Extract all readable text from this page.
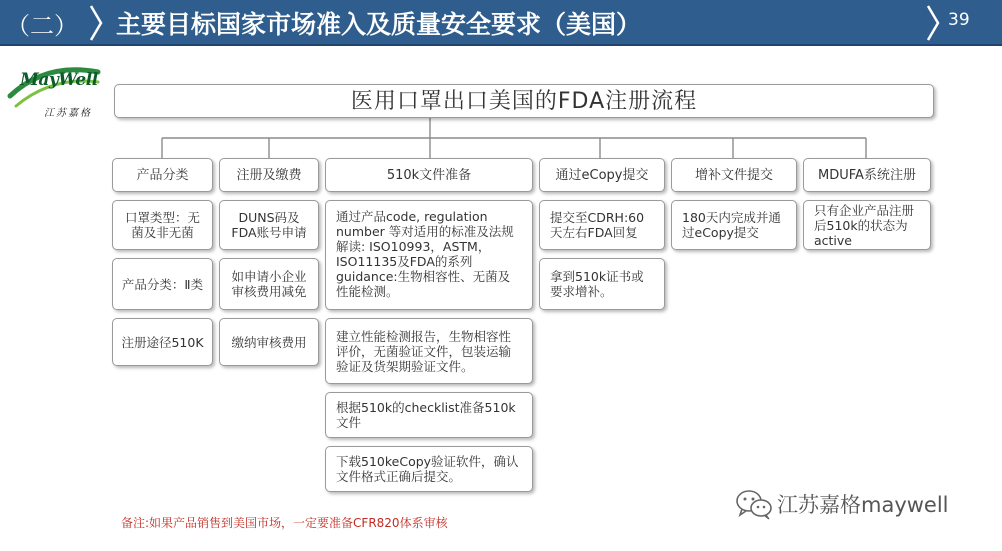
（二） 主要目标国家市场准入及质量安全要求（美国）	39
MayWell
江苏嘉格	医用口罩出口美国的FDA注册流程
产品分类	注册及缴费	510k文件准备	通过eCopy提交	增补文件提交	MDUFA系统注册
口罩类型：无菌及非无菌
产品分类：Ⅱ类
注册途径510K
DUNS码及FDA账号申请
如申请小企业审核费用减免
缴纳审核费用
通过产品code, regulation number 等对适用的标准及法规解读: ISO10993，ASTM，ISO11135及FDA的系列guidance:生物相容性、无菌及性能检测。
建立性能检测报告，生物相容性评价，无菌验证文件，包装运输验证及货架期验证文件。
根据510k的checklist准备510k文件
下载510keCopy验证软件，确认文件格式正确后提交。
提交至CDRH:60天左右FDA回复
拿到510k证书或要求增补。
180天内完成并通过eCopy提交
只有企业产品注册后510k的状态为active
备注:如果产品销售到美国市场，一定要准备CFR820体系审核
江苏嘉格maywell
